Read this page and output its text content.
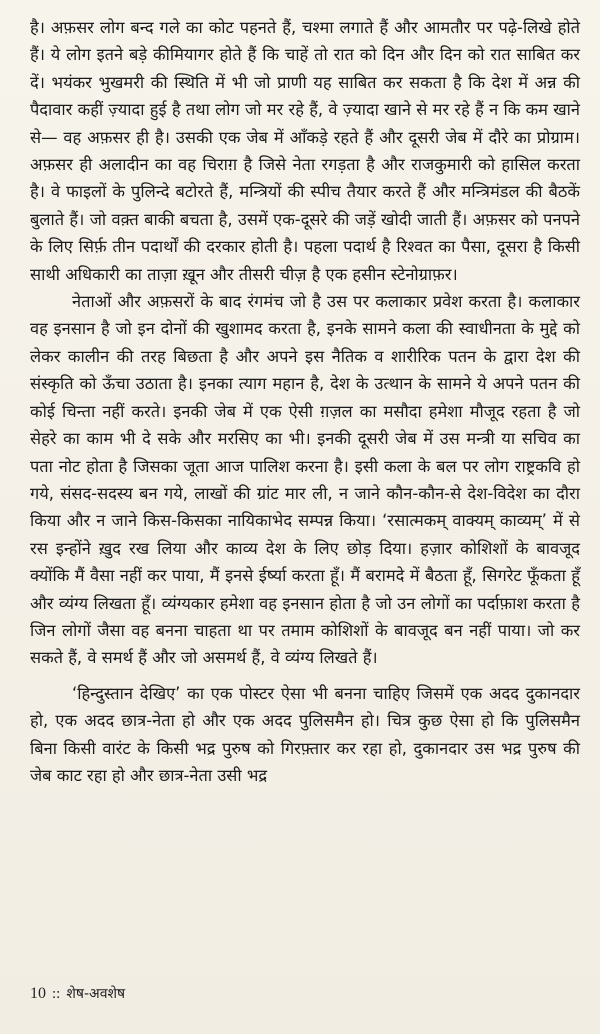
है। अफ़सर लोग बन्द गले का कोट पहनते हैं, चश्मा लगाते हैं और आमतौर पर पढ़े-लिखे होते हैं। ये लोग इतने बड़े कीमियागर होते हैं कि चाहें तो रात को दिन और दिन को रात साबित कर दें। भयंकर भुखमरी की स्थिति में भी जो प्राणी यह साबित कर सकता है कि देश में अन्न की पैदावार कहीं ज़्यादा हुई है तथा लोग जो मर रहे हैं, वे ज़्यादा खाने से मर रहे हैं न कि कम खाने से— वह अफ़सर ही है। उसकी एक जेब में आँकड़े रहते हैं और दूसरी जेब में दौरे का प्रोग्राम। अफ़सर ही अलादीन का वह चिराग़ है जिसे नेता रगड़ता है और राजकुमारी को हासिल करता है। वे फाइलों के पुलिन्दे बटोरते हैं, मन्त्रियों की स्पीच तैयार करते हैं और मन्त्रिमंडल की बैठकें बुलाते हैं। जो वक़्त बाकी बचता है, उसमें एक-दूसरे की जड़ें खोदी जाती हैं। अफ़सर को पनपने के लिए सिर्फ़ तीन पदार्थों की दरकार होती है। पहला पदार्थ है रिश्वत का पैसा, दूसरा है किसी साथी अधिकारी का ताज़ा ख़ून और तीसरी चीज़ है एक हसीन स्टेनोग्राफ़र।

नेताओं और अफ़सरों के बाद रंगमंच जो है उस पर कलाकार प्रवेश करता है। कलाकार वह इनसान है जो इन दोनों की खुशामद करता है, इनके सामने कला की स्वाधीनता के मुद्दे को लेकर कालीन की तरह बिछता है और अपने इस नैतिक व शारीरिक पतन के द्वारा देश की संस्कृति को ऊँचा उठाता है। इनका त्याग महान है, देश के उत्थान के सामने ये अपने पतन की कोई चिन्ता नहीं करते। इनकी जेब में एक ऐसी ग़ज़ल का मसौदा हमेशा मौजूद रहता है जो सेहरे का काम भी दे सके और मरसिए का भी। इनकी दूसरी जेब में उस मन्त्री या सचिव का पता नोट होता है जिसका जूता आज पालिश करना है। इसी कला के बल पर लोग राष्ट्रकवि हो गये, संसद-सदस्य बन गये, लाखों की ग्रांट मार ली, न जाने कौन-कौन-से देश-विदेश का दौरा किया और न जाने किस-किसका नायिकाभेद सम्पन्न किया। ‘रसात्मकम् वाक्यम् काव्यम्’ में से रस इन्होंने ख़ुद रख लिया और काव्य देश के लिए छोड़ दिया। हज़ार कोशिशों के बावजूद क्योंकि मैं वैसा नहीं कर पाया, मैं इनसे ईर्ष्या करता हूँ। मैं बरामदे में बैठता हूँ, सिगरेट फूँकता हूँ और व्यंग्य लिखता हूँ। व्यंग्यकार हमेशा वह इनसान होता है जो उन लोगों का पर्दाफ़ाश करता है जिन लोगों जैसा वह बनना चाहता था पर तमाम कोशिशों के बावजूद बन नहीं पाया। जो कर सकते हैं, वे समर्थ हैं और जो असमर्थ हैं, वे व्यंग्य लिखते हैं।

‘हिन्दुस्तान देखिए’ का एक पोस्टर ऐसा भी बनना चाहिए जिसमें एक अदद दुकानदार हो, एक अदद छात्र-नेता हो और एक अदद पुलिसमैन हो। चित्र कुछ ऐसा हो कि पुलिसमैन बिना किसी वारंट के किसी भद्र पुरुष को गिरफ़्तार कर रहा हो, दुकानदार उस भद्र पुरुष की जेब काट रहा हो और छात्र-नेता उसी भद्र

10 :: शेष-अवशेष
